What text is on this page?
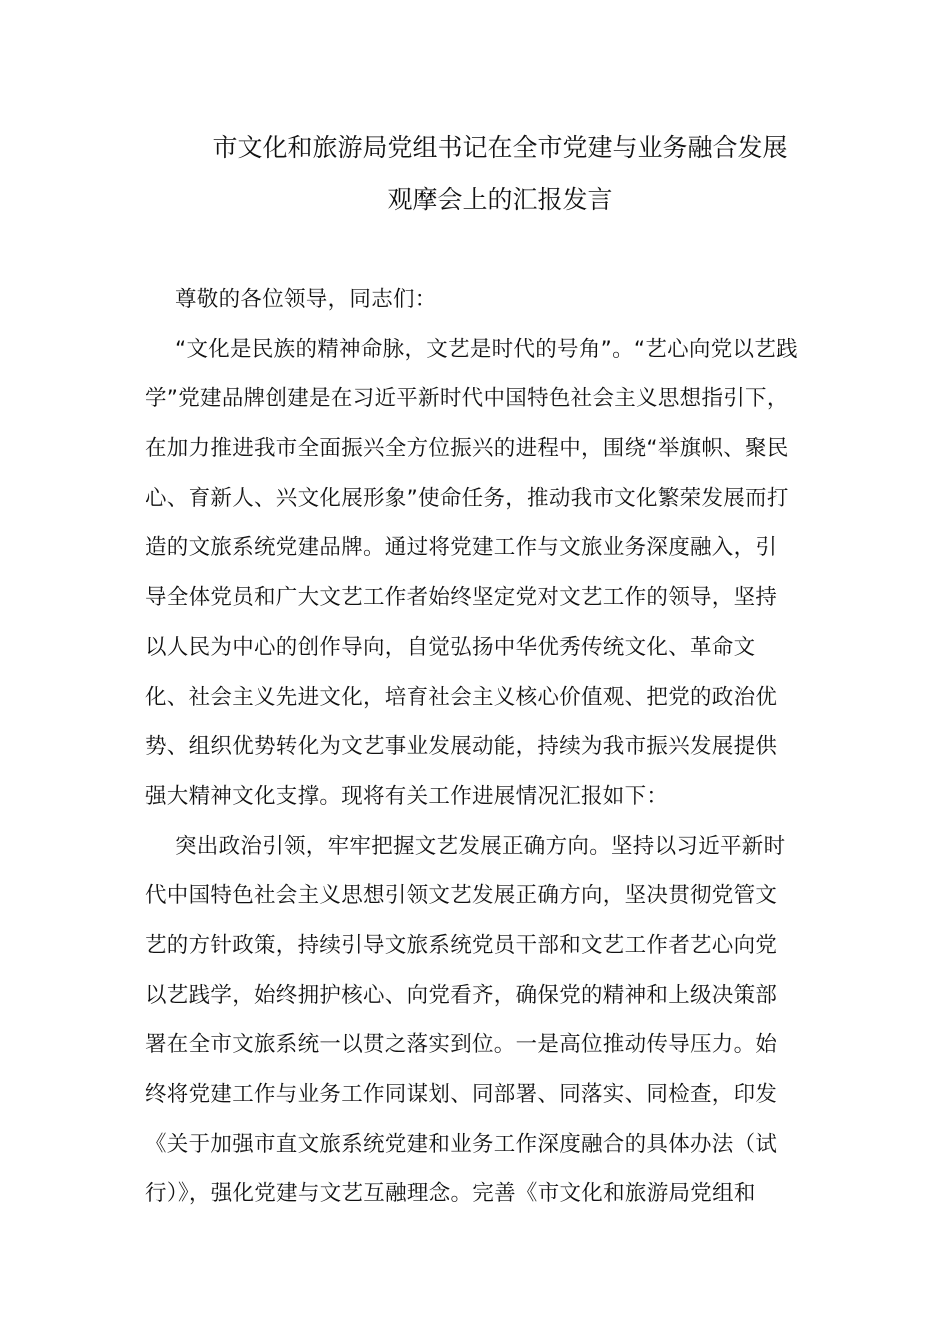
市文化和旅游局党组书记在全市党建与业务融合发展
观摩会上的汇报发言
尊敬的各位领导，同志们：
“文化是民族的精神命脉，文艺是时代的号角”。“艺心向党以艺践
学”党建品牌创建是在习近平新时代中国特色社会主义思想指引下，
在加力推进我市全面振兴全方位振兴的进程中，围绕“举旗帜、聚民
心、育新人、兴文化展形象”使命任务，推动我市文化繁荣发展而打
造的文旅系统党建品牌。通过将党建工作与文旅业务深度融入，引
导全体党员和广大文艺工作者始终坚定党对文艺工作的领导，坚持
以人民为中心的创作导向，自觉弘扬中华优秀传统文化、革命文
化、社会主义先进文化，培育社会主义核心价值观、把党的政治优
势、组织优势转化为文艺事业发展动能，持续为我市振兴发展提供
强大精神文化支撑。现将有关工作进展情况汇报如下：
突出政治引领，牢牢把握文艺发展正确方向。坚持以习近平新时
代中国特色社会主义思想引领文艺发展正确方向，坚决贯彻党管文
艺的方针政策，持续引导文旅系统党员干部和文艺工作者艺心向党
以艺践学，始终拥护核心、向党看齐，确保党的精神和上级决策部
署在全市文旅系统一以贯之落实到位。一是高位推动传导压力。始
终将党建工作与业务工作同谋划、同部署、同落实、同检查，印发
《关于加强市直文旅系统党建和业务工作深度融合的具体办法（试
行）》，强化党建与文艺互融理念。完善《市文化和旅游局党组和
